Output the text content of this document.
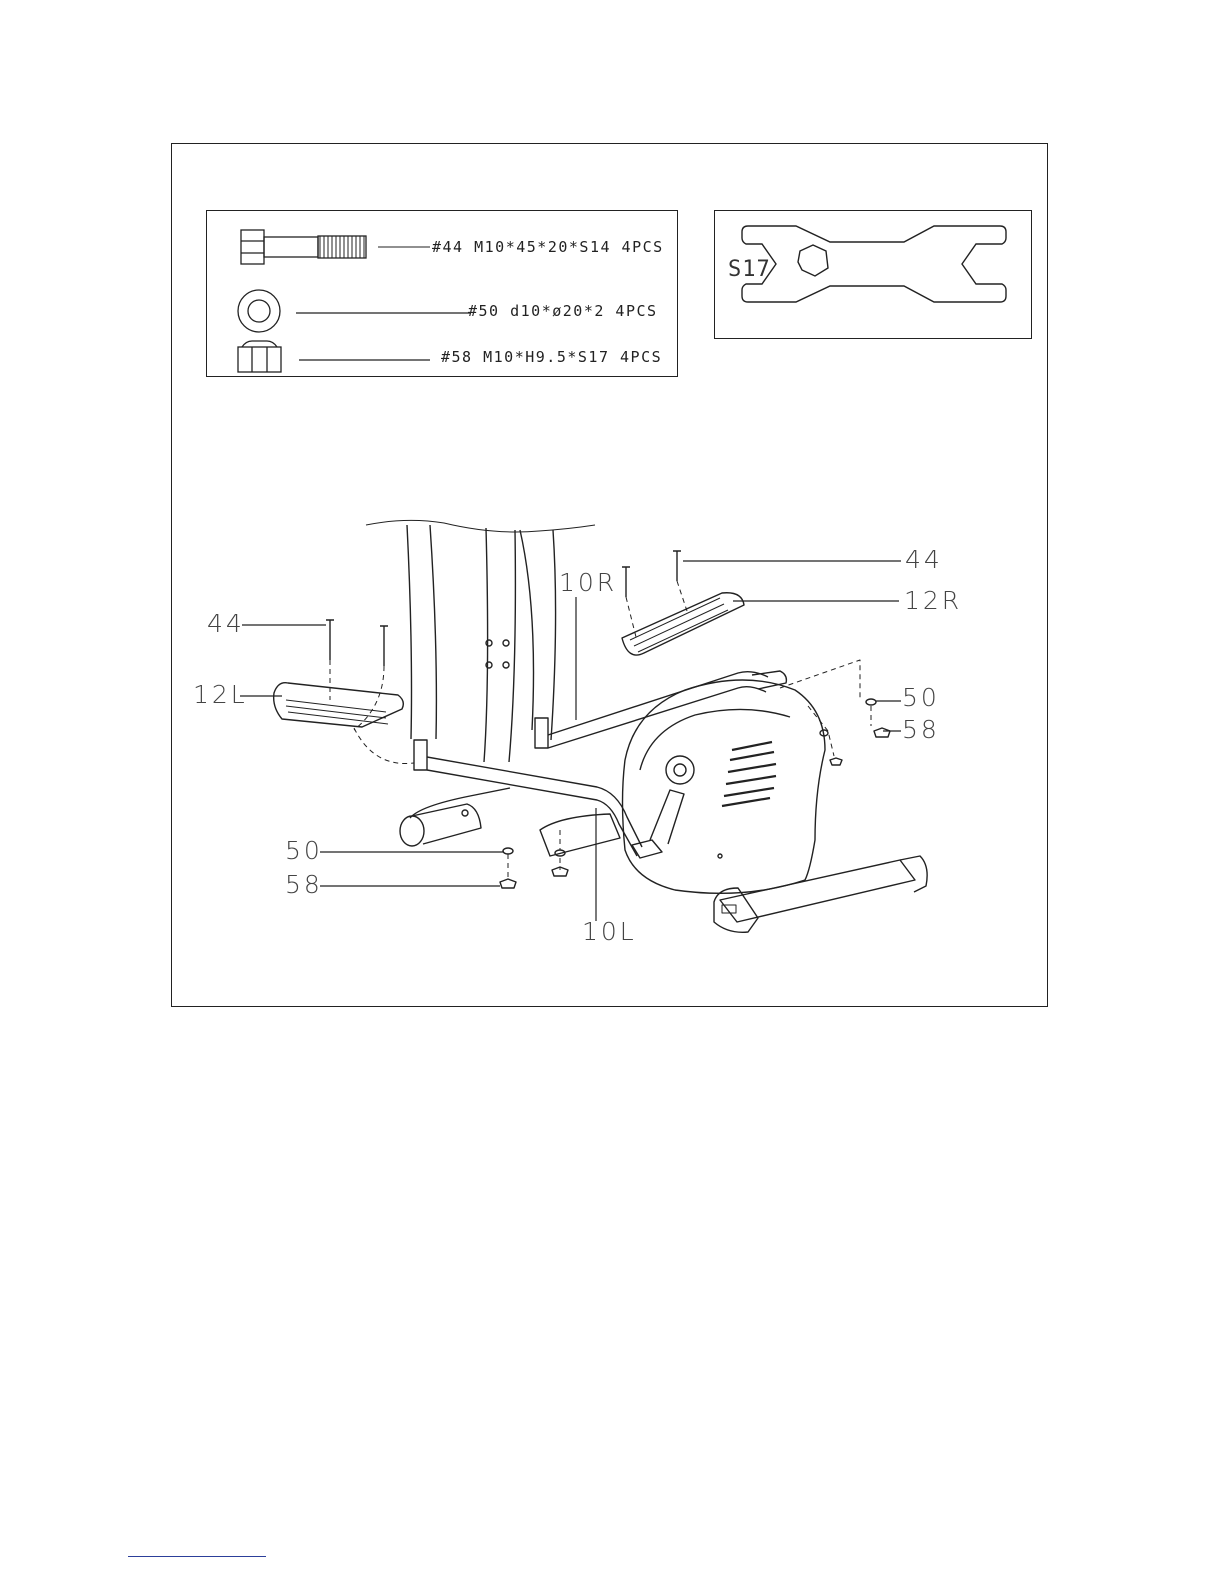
#44 M10*45*20*S14 4PCS
#50 d10*ø20*2 4PCS
#58 M10*H9.5*S17 4PCS
S17
44
12R
44
12L
10R
50
58
50
58
10L
